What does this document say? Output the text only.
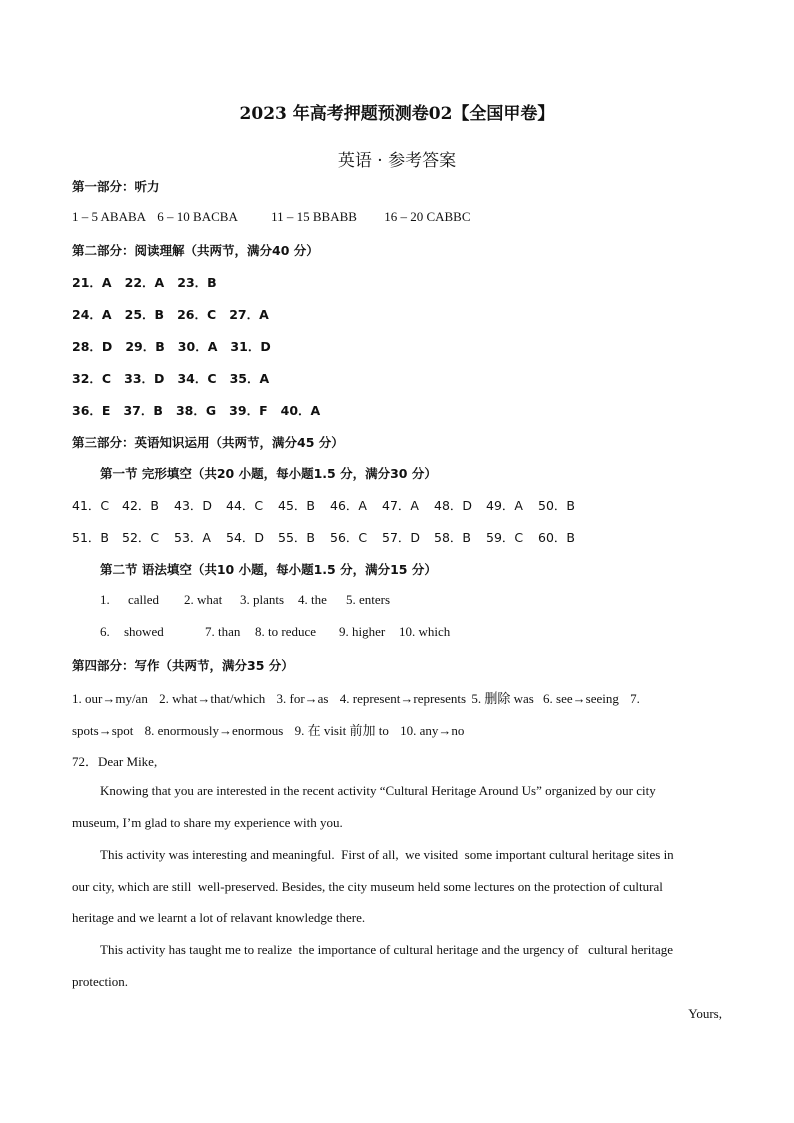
2023 年高考押题预测卷02【全国甲卷】
英语 · 参考答案
第一部分：听力
1 – 5 ABABA 6 – 10 BACBA	11 – 15 BBABB 16 – 20 CABBC
第二部分：阅读理解（共两节，满分40 分）
21．A   22．A   23．B
24．A   25．B   26．C   27．A
28．D   29．B   30．A   31．D
32．C   33．D   34．C   35．A
36．E   37．B   38．G   39．F   40．A
第三部分：英语知识运用（共两节，满分45 分）
第一节 完形填空（共20 小题，每小题1.5 分，满分30 分）
41．C 42．B 43．D 44．C 45．B 46．A 47．A 48．D 49．A 50．B
51．B 52．C 53．A 54．D 55．B 56．C 57．D 58．B 59．C 60．B
第二节 语法填空（共10 小题，每小题1.5 分，满分15 分）
1. called 2. what 3. plants 4. the 5. enters
6. showed	7. than 8. to reduce 9. higher 10. which
第四部分：写作（共两节，满分35 分）
1. our→my/an 2. what→that/which 3. for→as 4. represent→represents 5. 删除 was 6. see→seeing 7.
spots→spot 8. enormously→enormous 9. 在 visit 前加 to 10. any→no
72．Dear Mike,
Knowing that you are interested in the recent activity “Cultural Heritage Around Us” organized by our city
museum, I’m glad to share my experience with you.
This activity was interesting and meaningful.  First of all,  we visited  some important cultural heritage sites in
our city, which are still  well-preserved. Besides, the city museum held some lectures on the protection of cultural
heritage and we learnt a lot of relavant knowledge there.
This activity has taught me to realize  the importance of cultural heritage and the urgency of   cultural heritage
protection.
Yours,
